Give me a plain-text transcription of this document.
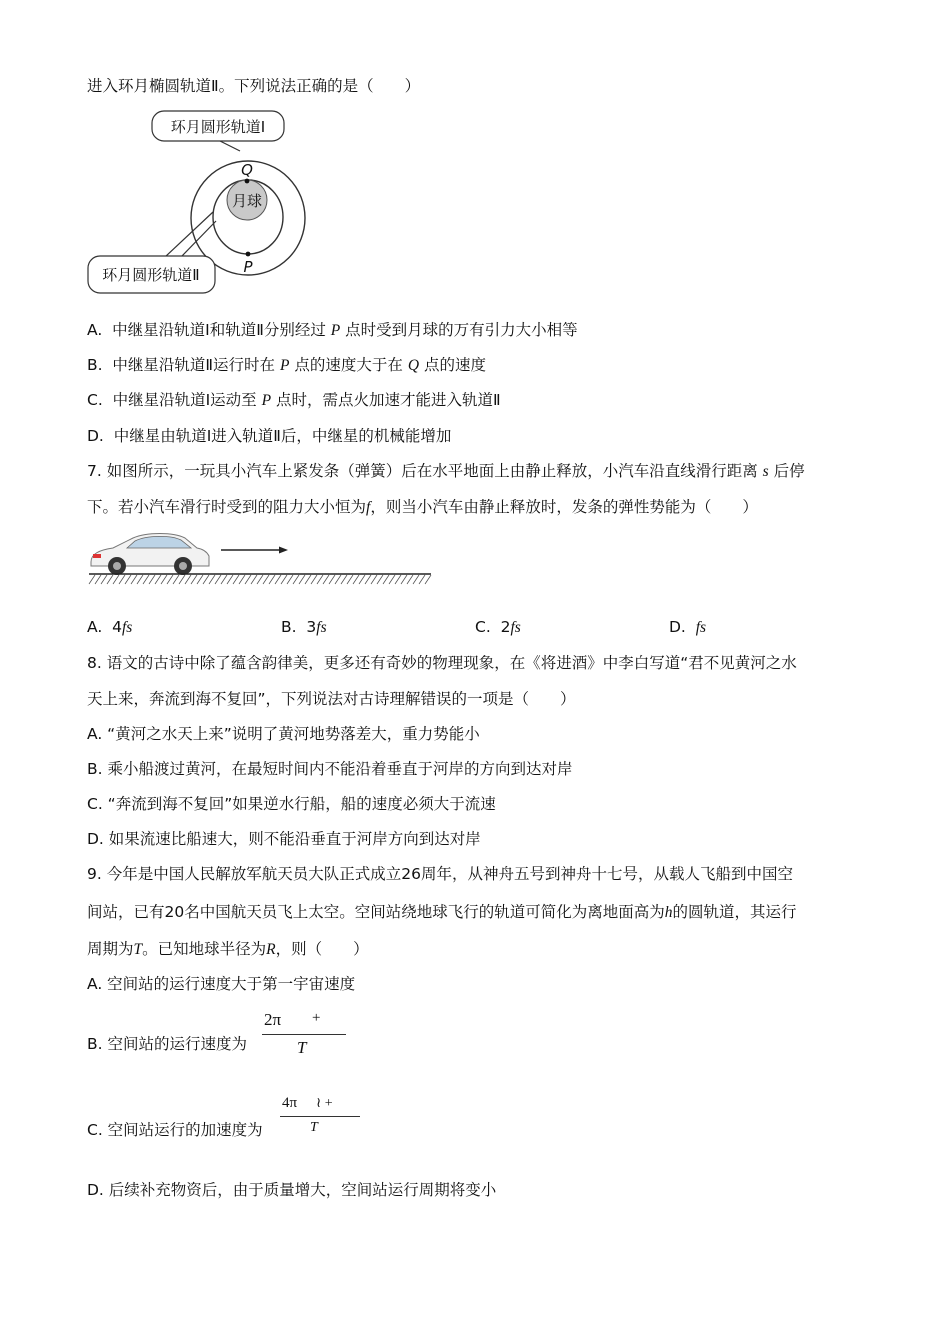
进入环月椭圆轨道Ⅱ。下列说法正确的是（　　）
环月圆形轨道Ⅰ
月球
Q
P
环月圆形轨道Ⅱ
A. 中继星沿轨道Ⅰ和轨道Ⅱ分别经过 P 点时受到月球的万有引力大小相等
B. 中继星沿轨道Ⅱ运行时在 P 点的速度大于在 Q 点的速度
C. 中继星沿轨道Ⅰ运动至 P 点时，需点火加速才能进入轨道Ⅱ
D. 中继星由轨道Ⅰ进入轨道Ⅱ后，中继星的机械能增加
7. 如图所示，一玩具小汽车上紧发条（弹簧）后在水平地面上由静止释放，小汽车沿直线滑行距离 s 后停
下。若小汽车滑行时受到的阻力大小恒为f，则当小汽车由静止释放时，发条的弹性势能为（　　）
A. 4fs	B. 3fs	C. 2fs	D. fs
8. 语文的古诗中除了蕴含韵律美，更多还有奇妙的物理现象，在《将进酒》中李白写道“君不见黄河之水
天上来，奔流到海不复回”，下列说法对古诗理解错误的一项是（　　）
A. “黄河之水天上来”说明了黄河地势落差大，重力势能小
B. 乘小船渡过黄河，在最短时间内不能沿着垂直于河岸的方向到达对岸
C. “奔流到海不复回”如果逆水行船，船的速度必须大于流速
D. 如果流速比船速大，则不能沿垂直于河岸方向到达对岸
9. 今年是中国人民解放军航天员大队正式成立26周年，从神舟五号到神舟十七号，从载人飞船到中国空
间站，已有20名中国航天员飞上太空。空间站绕地球飞行的轨道可简化为离地面高为h的圆轨道，其运行
周期为T。已知地球半径为R，则（　　）
A. 空间站的运行速度大于第一宇宙速度
B. 空间站的运行速度为
2π +
T
C. 空间站运行的加速度为
4π ≀ +
T
D. 后续补充物资后，由于质量增大，空间站运行周期将变小
